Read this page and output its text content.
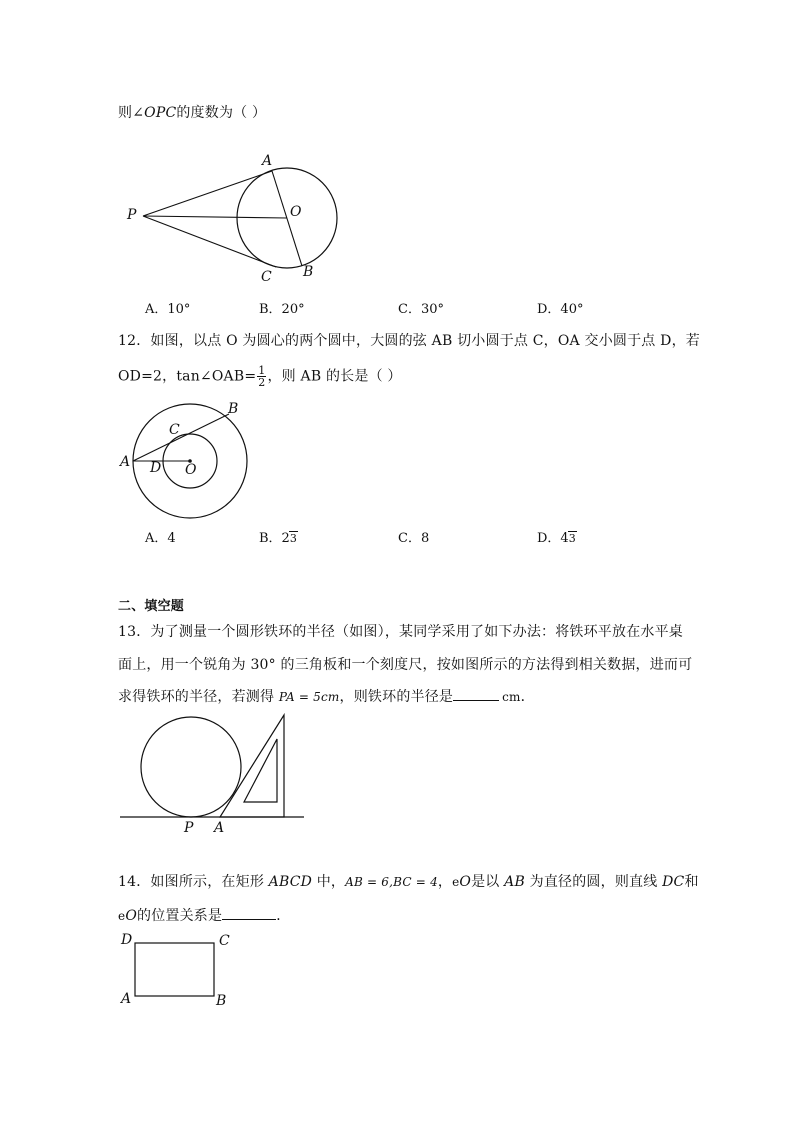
则∠OPC的度数为（ ）
A
O
P
C B
A．10°	B．20°	C．30°	D．40°
12．如图，以点 O 为圆心的两个圆中，大圆的弦 AB 切小圆于点 C，OA 交小圆于点 D，若
OD=2，tan∠OAB= $\frac{1}{2}$ ，则 AB 的长是（ ）
A
B
C
D O
A．4	B．23	C．8	D．43
二、填空题
13．为了测量一个圆形铁环的半径（如图），某同学采用了如下办法：将铁环平放在水平桌
面上，用一个锐角为 30° 的三角板和一个刻度尺，按如图所示的方法得到相关数据，进而可
求得铁环的半径，若测得 PA = 5cm，则铁环的半径是	cm．
P A
14．如图所示，在矩形 ABCD 中，AB = 6,BC = 4，eO是以 AB 为直径的圆，则直线 DC和
eO的位置关系是	．
D	C
A	B
